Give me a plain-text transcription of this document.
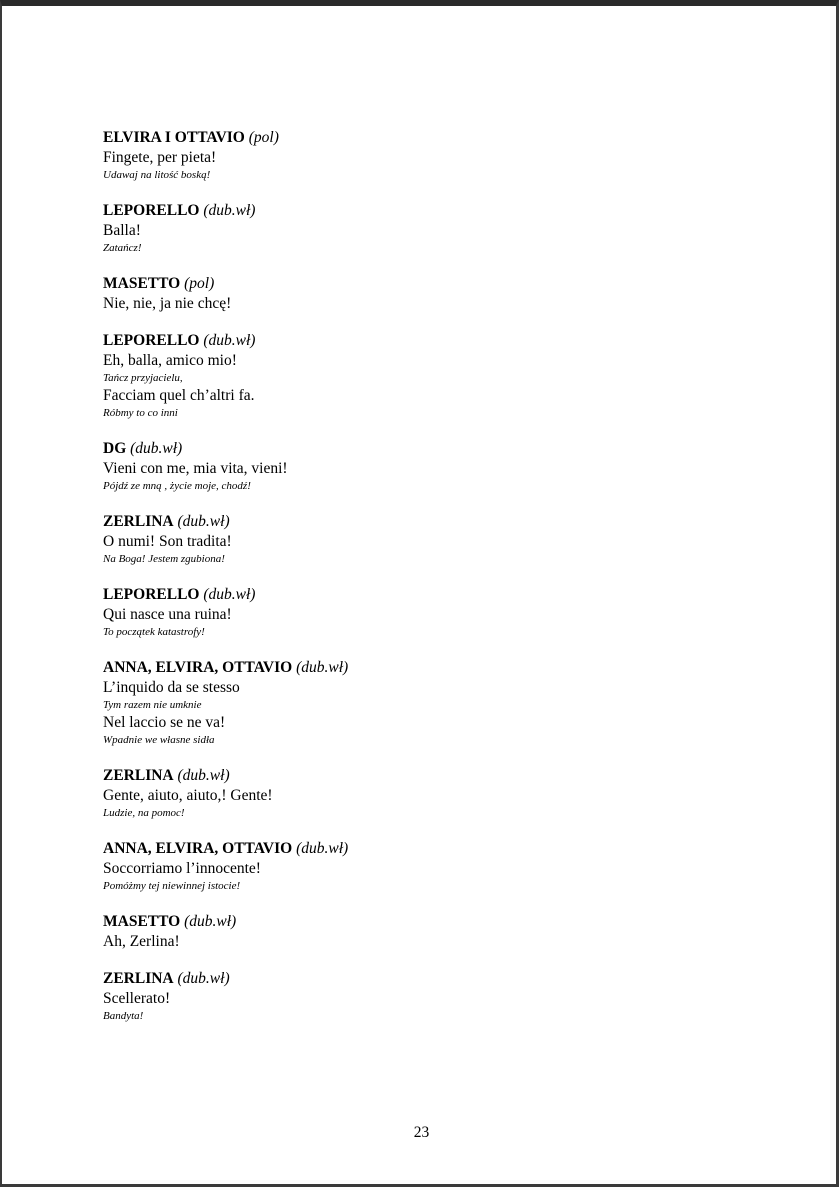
ELVIRA I OTTAVIO (pol)
Fingete, per pieta!
Udawaj na litość boską!
LEPORELLO (dub.wł)
Balla!
Zatańcz!
MASETTO (pol)
Nie, nie, ja nie chcę!
LEPORELLO (dub.wł)
Eh, balla, amico mio!
Tańcz przyjacielu,
Facciam quel ch’altri fa.
Róbmy to co inni
DG (dub.wł)
Vieni con me, mia vita, vieni!
Pójdź ze mną , życie moje, chodź!
ZERLINA (dub.wł)
O numi! Son tradita!
Na Boga! Jestem zgubiona!
LEPORELLO (dub.wł)
Qui nasce una ruina!
To początek katastrofy!
ANNA, ELVIRA, OTTAVIO (dub.wł)
L’inquido da se stesso
Tym razem nie umknie
Nel laccio se ne va!
Wpadnie we własne sidła
ZERLINA (dub.wł)
Gente, aiuto, aiuto,! Gente!
Ludzie, na pomoc!
ANNA, ELVIRA, OTTAVIO (dub.wł)
Soccorriamo l’innocente!
Pomóżmy tej niewinnej istocie!
MASETTO (dub.wł)
Ah, Zerlina!
ZERLINA (dub.wł)
Scellerato!
Bandyta!
23
